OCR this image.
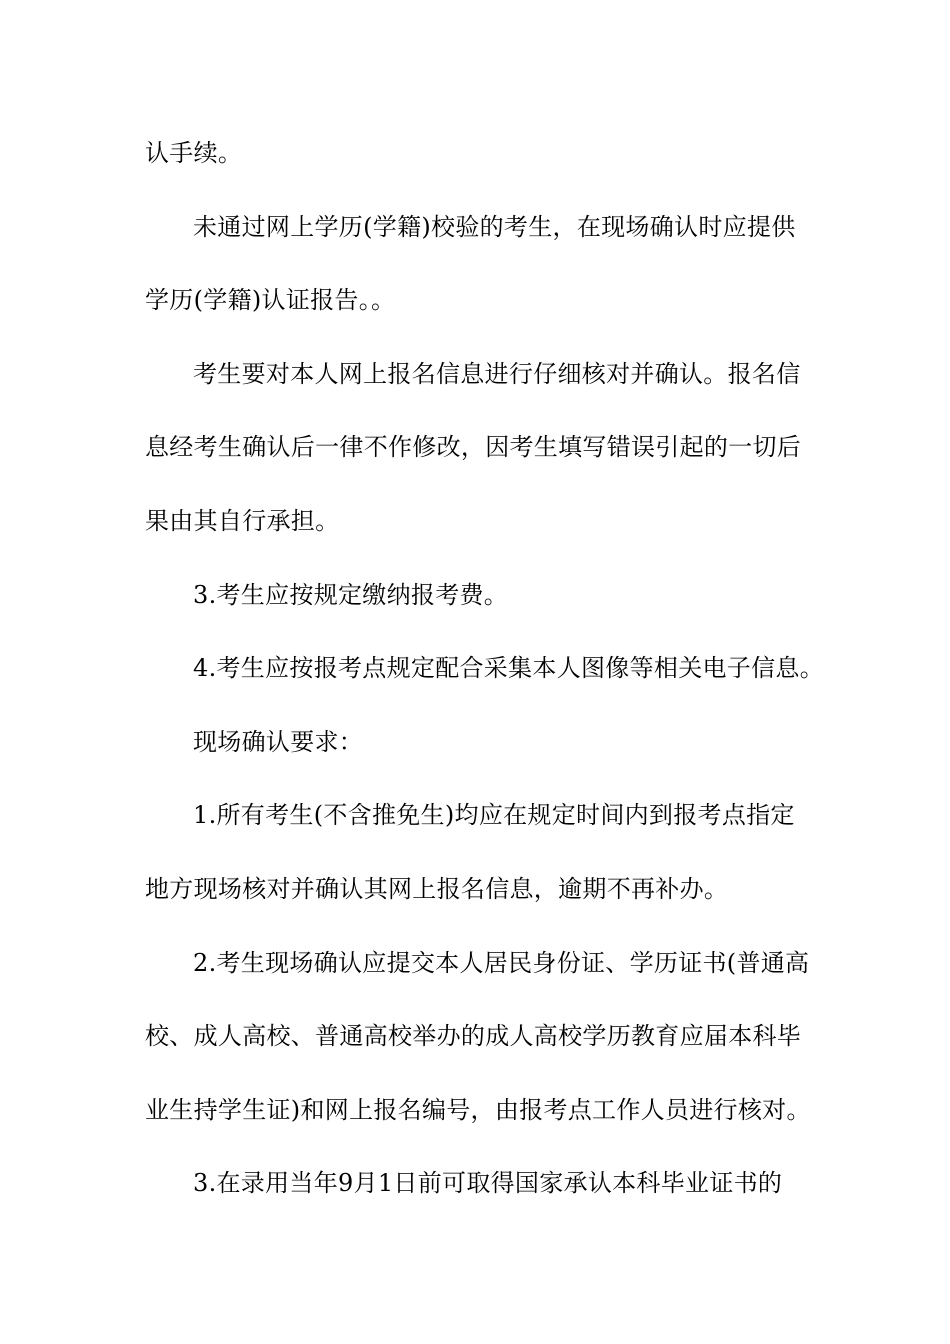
认手续。
未通过网上学历(学籍)校验的考生，在现场确认时应提供
学历(学籍)认证报告。。
考生要对本人网上报名信息进行仔细核对并确认。报名信
息经考生确认后一律不作修改，因考生填写错误引起的一切后
果由其自行承担。
3.考生应按规定缴纳报考费。
4.考生应按报考点规定配合采集本人图像等相关电子信息。
现场确认要求：
1.所有考生(不含推免生)均应在规定时间内到报考点指定
地方现场核对并确认其网上报名信息，逾期不再补办。
2.考生现场确认应提交本人居民身份证、学历证书(普通高
校、成人高校、普通高校举办的成人高校学历教育应届本科毕
业生持学生证)和网上报名编号，由报考点工作人员进行核对。
3.在录用当年9月1日前可取得国家承认本科毕业证书的
